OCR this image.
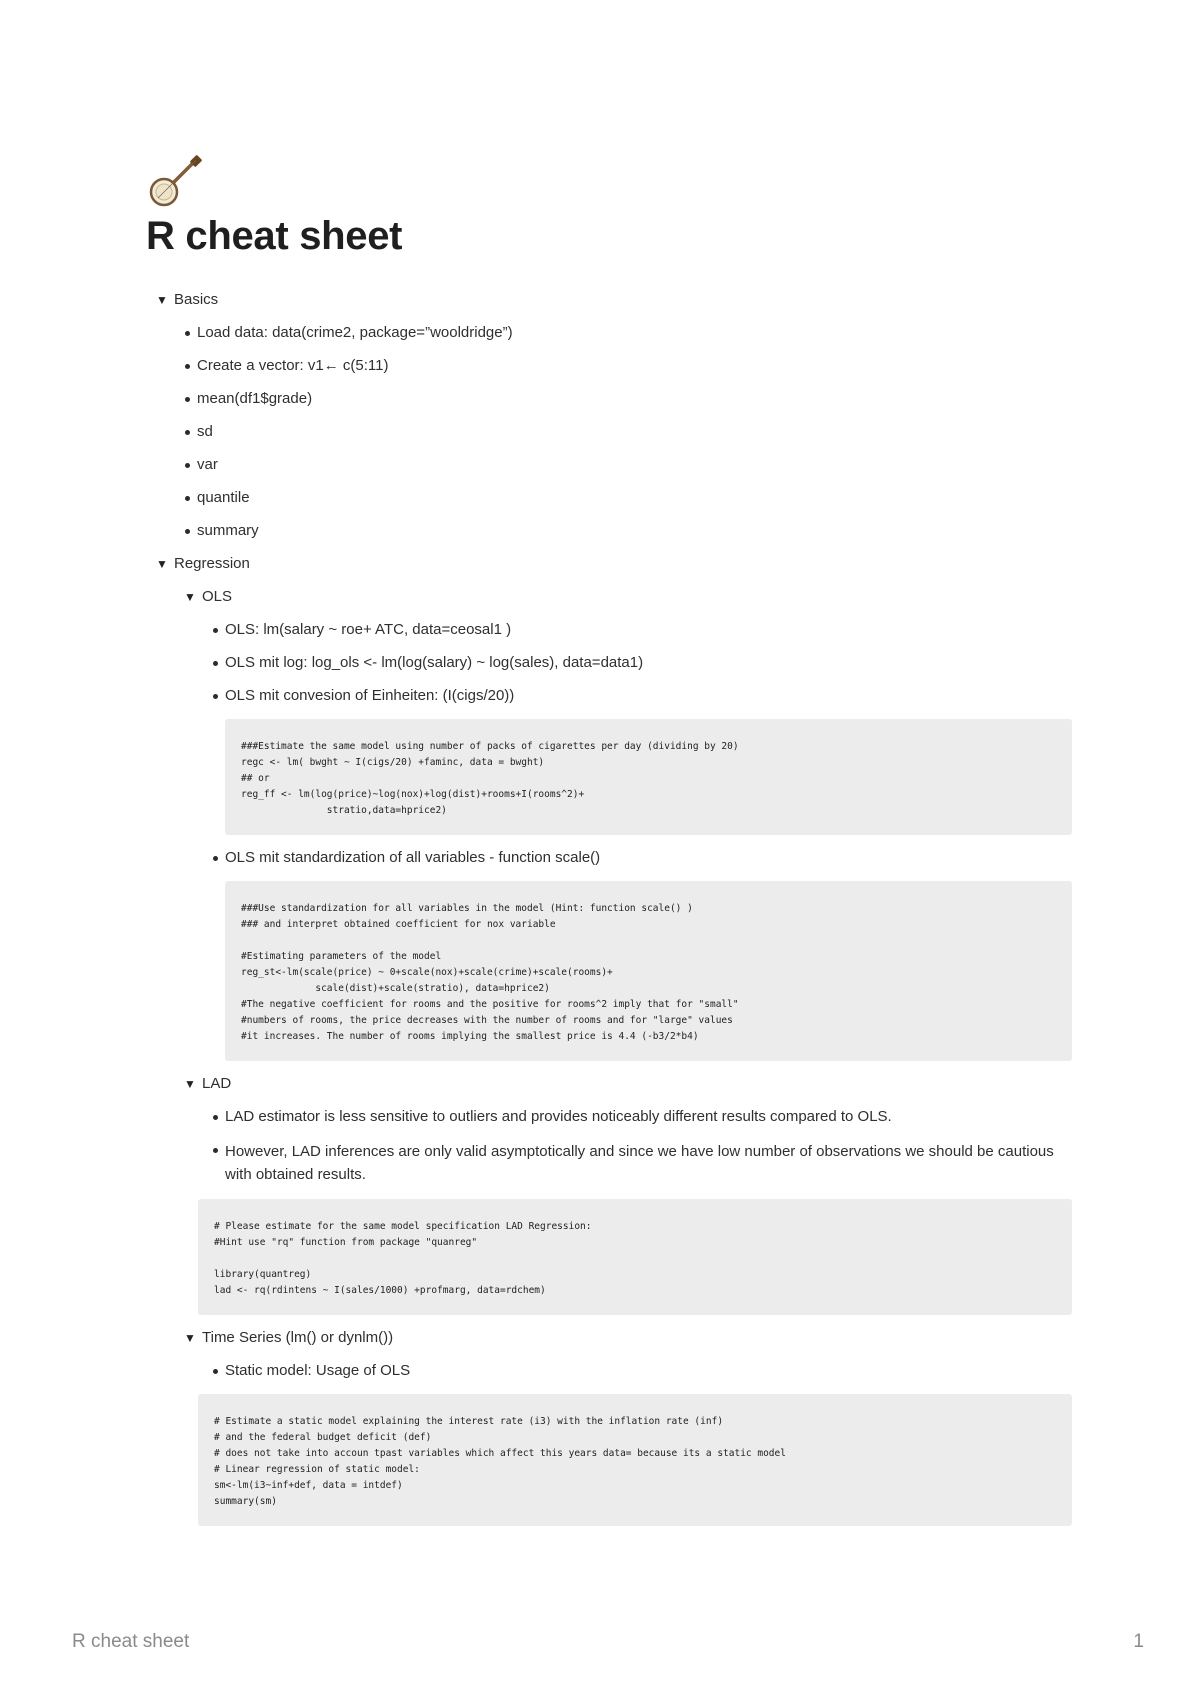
R cheat sheet
▼ Basics
Load data: data(crime2, package=”wooldridge”)
Create a vector: v1← c(5:11)
mean(df1$grade)
sd
var
quantile
summary
▼ Regression
▼ OLS
OLS: lm(salary ~ roe+ ATC, data=ceosal1 )
OLS mit log: log_ols <- lm(log(salary) ~ log(sales), data=data1)
OLS mit convesion of Einheiten: (I(cigs/20))
###Estimate the same model using number of packs of cigarettes per day (dividing by 20)
regc <- lm( bwght ~ I(cigs/20) +faminc, data = bwght)
## or
reg_ff <- lm(log(price)~log(nox)+log(dist)+rooms+I(rooms^2)+
stratio,data=hprice2)
OLS mit standardization of all variables - function scale()
###Use standardization for all variables in the model (Hint: function scale() )
### and interpret obtained coefficient for nox variable

#Estimating parameters of the model
reg_st<-lm(scale(price) ~ 0+scale(nox)+scale(crime)+scale(rooms)+
scale(dist)+scale(stratio), data=hprice2)
#The negative coefficient for rooms and the positive for rooms^2 imply that for "small"
#numbers of rooms, the price decreases with the number of rooms and for "large" values
#it increases. The number of rooms implying the smallest price is 4.4 (-b3/2*b4)
▼ LAD
LAD estimator is less sensitive to outliers and provides noticeably different results compared to OLS.
However, LAD inferences are only valid asymptotically and since we have low number of observations we should be cautious with obtained results.
# Please estimate for the same model specification LAD Regression:
#Hint use "rq" function from package "quanreg"

library(quantreg)
lad <- rq(rdintens ~ I(sales/1000) +profmarg, data=rdchem)
▼ Time Series (lm() or dynlm())
Static model: Usage of OLS
# Estimate a static model explaining the interest rate (i3) with the inflation rate (inf)
# and the federal budget deficit (def)
# does not take into accoun tpast variables which affect this years data= because its a static model
# Linear regression of static model:
sm<-lm(i3~inf+def, data = intdef)
summary(sm)
R cheat sheet	1
